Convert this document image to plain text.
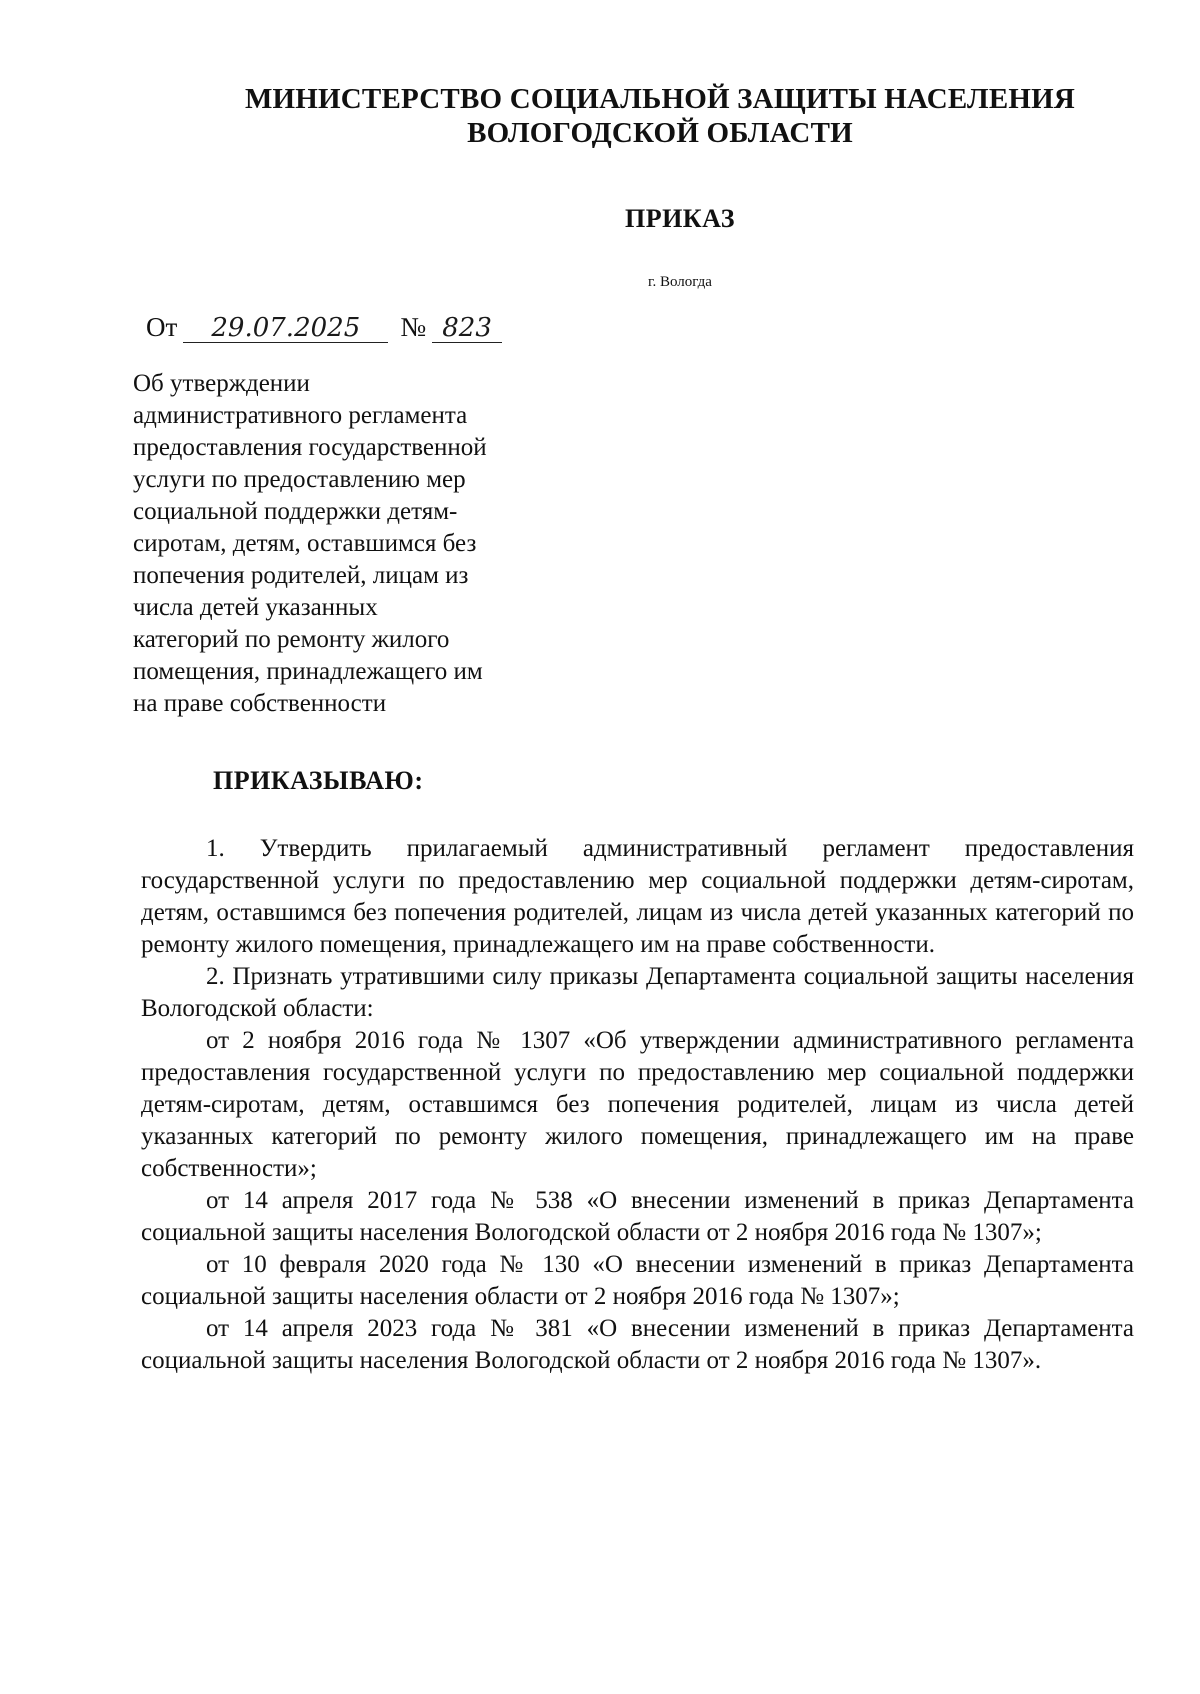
МИНИСТЕРСТВО СОЦИАЛЬНОЙ ЗАЩИТЫ НАСЕЛЕНИЯ
ВОЛОГОДСКОЙ ОБЛАСТИ
ПРИКАЗ
г. Вологда
От	29.07.2025	№ 823
Об утверждении
административного регламента
предоставления государственной
услуги по предоставлению мер
социальной поддержки детям-
сиротам, детям, оставшимся без
попечения родителей, лицам из
числа детей указанных
категорий по ремонту жилого
помещения, принадлежащего им
на праве собственности
ПРИКАЗЫВАЮ:

1. Утвердить прилагаемый административный регламент предоставления государственной услуги по предоставлению мер социальной поддержки детям-сиротам, детям, оставшимся без попечения родителей, лицам из числа детей указанных категорий по ремонту жилого помещения, принадлежащего им на праве собственности.

2. Признать утратившими силу приказы Департамента социальной защиты населения Вологодской области:

от 2 ноября 2016 года № 1307 «Об утверждении административного регламента предоставления государственной услуги по предоставлению мер социальной поддержки детям-сиротам, детям, оставшимся без попечения родителей, лицам из числа детей указанных категорий по ремонту жилого помещения, принадлежащего им на праве собственности»;

от 14 апреля 2017 года № 538 «О внесении изменений в приказ Департамента социальной защиты населения Вологодской области от 2 ноября 2016 года № 1307»;

от 10 февраля 2020 года № 130 «О внесении изменений в приказ Департамента социальной защиты населения области от 2 ноября 2016 года № 1307»;

от 14 апреля 2023 года № 381 «О внесении изменений в приказ Департамента социальной защиты населения Вологодской области от 2 ноября 2016 года № 1307».
